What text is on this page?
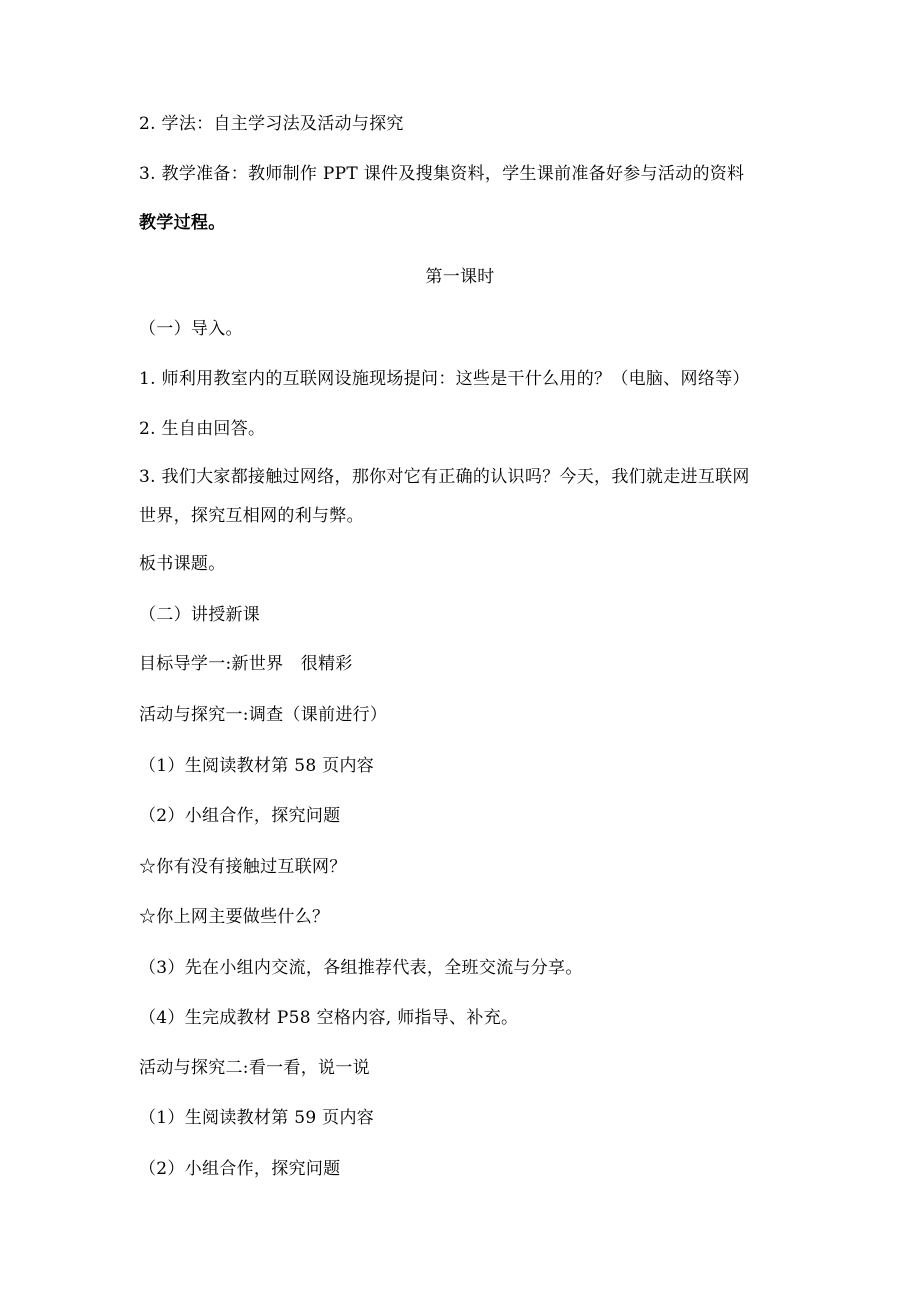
2. 学法：自主学习法及活动与探究
3. 教学准备：教师制作 PPT 课件及搜集资料，学生课前准备好参与活动的资料
教学过程。
第一课时
（一）导入。
1. 师利用教室内的互联网设施现场提问：这些是干什么用的？（电脑、网络等）
2. 生自由回答。
3. 我们大家都接触过网络，那你对它有正确的认识吗？今天，我们就走进互联网
世界，探究互相网的利与弊。
板书课题。
（二）讲授新课
目标导学一:新世界　很精彩
活动与探究一:调查（课前进行）
（1）生阅读教材第 58 页内容
（2）小组合作，探究问题
☆你有没有接触过互联网？
☆你上网主要做些什么？
（3）先在小组内交流，各组推荐代表，全班交流与分享。
（4）生完成教材 P58 空格内容, 师指导、补充。
活动与探究二:看一看，说一说
（1）生阅读教材第 59 页内容
（2）小组合作，探究问题
